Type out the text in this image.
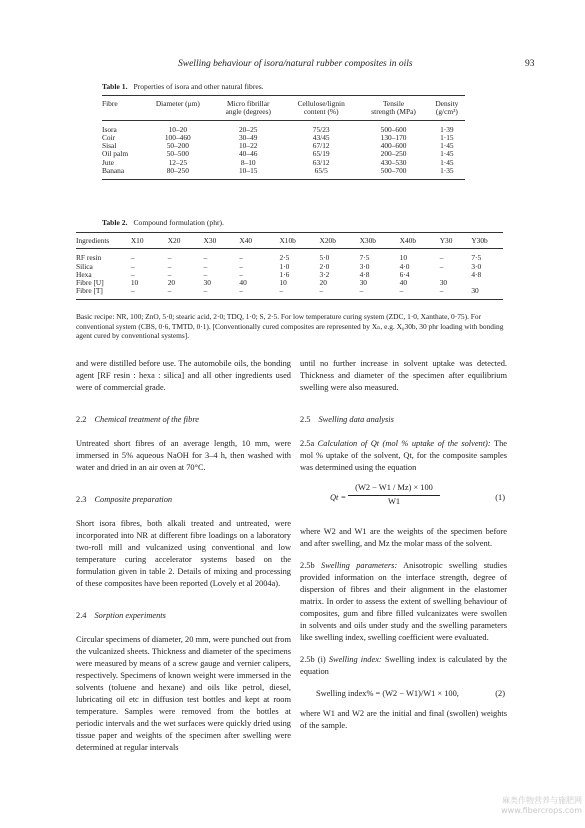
Swelling behaviour of isora/natural rubber composites in oils	93
Table 1. Properties of isora and other natural fibres.
Fibre	Diameter (μm)	Micro fibrillar	Cellulose/lignin	Tensile	Density
		angle (degrees)	content (%)	strength (MPa)	(g/cm³)
Isora	10–20	20–25	75/23	500–600	1·39
Coir	100–460	30–49	43/45	130–170	1·15
Sisal	50–200	10–22	67/12	400–600	1·45
Oil palm	50–500	40–46	65/19	200–250	1·45
Jute	12–25	8–10	63/12	430–530	1·45
Banana	80–250	10–15	65/5	500–700	1·35
Table 2. Compound formulation (phr).
Ingredients	X10	X20	X30	X40	X10b	X20b	X30b	X40b	Y30	Y30b
RF resin	–	–	–	–	2·5	5·0	7·5	10	–	7·5
Silica	–	–	–	–	1·0	2·0	3·0	4·0	–	3·0
Hexa	–	–	–	–	1·6	3·2	4·8	6·4		4·8
Fibre [U]	10	20	30	40	10	20	30	40	30	
Fibre [T]	–	–	–	–	–	–	–	–	–	30
Basic recipe: NR, 100; ZnO, 5·0; stearic acid, 2·0; TDQ, 1·0; S, 2·5. For low temperature curing system (ZDC, 1·0, Xanthate, 0·75). For conventional system (CBS, 0·6, TMTD, 0·1). [Conventionally cured composites are represented by Xₙ, e.g. X₀30b, 30 phr loading with bonding agent cured by conventional systems].

and were distilled before use. The automobile oils, the bonding agent [RF resin : hexa : silica] and all other ingredients used were of commercial grade.

2.2 Chemical treatment of the fibre

Untreated short fibres of an average length, 10 mm, were immersed in 5% aqueous NaOH for 3–4 h, then washed with water and dried in an air oven at 70°C.

2.3 Composite preparation

Short isora fibres, both alkali treated and untreated, were incorporated into NR at different fibre loadings on a laboratory two-roll mill and vulcanized using conventional and low temperature curing accelerator systems based on the formulation given in table 2. Details of mixing and processing of these composites have been reported (Lovely et al 2004a).

2.4 Sorption experiments

Circular specimens of diameter, 20 mm, were punched out from the vulcanized sheets. Thickness and diameter of the specimens were measured by means of a screw gauge and vernier calipers, respectively. Specimens of known weight were immersed in the solvents (toluene and hexane) and oils like petrol, diesel, lubricating oil etc in diffusion test bottles and kept at room temperature. Samples were removed from the bottles at periodic intervals and the wet surfaces were quickly dried using tissue paper and weights of the specimen after swelling were determined at regular intervals

until no further increase in solvent uptake was detected. Thickness and diameter of the specimen after equilibrium swelling were also measured.

2.5 Swelling data analysis

2.5a Calculation of Qt (mol % uptake of the solvent): The mol % uptake of the solvent, Qt, for the composite samples was determined using the equation

$Qt = \frac{(W2 - W1 / Mz) \times 100}{W1}$	(1)

where W2 and W1 are the weights of the specimen before and after swelling, and Mz the molar mass of the solvent.

2.5b Swelling parameters: Anisotropic swelling studies provided information on the interface strength, degree of dispersion of fibres and their alignment in the elastomer matrix. In order to assess the extent of swelling behaviour of composites, gum and fibre filled vulcanizates were swollen in solvents and oils under study and the swelling parameters like swelling index, swelling coefficient were evaluated.

2.5b (i) Swelling index: Swelling index is calculated by the equation

Swelling index% = (W2 − W1)/W1 × 100,	(2)

where W1 and W2 are the initial and final (swollen) weights of the sample.

麻类作物营养与施肥网
www.fibercrops.com
